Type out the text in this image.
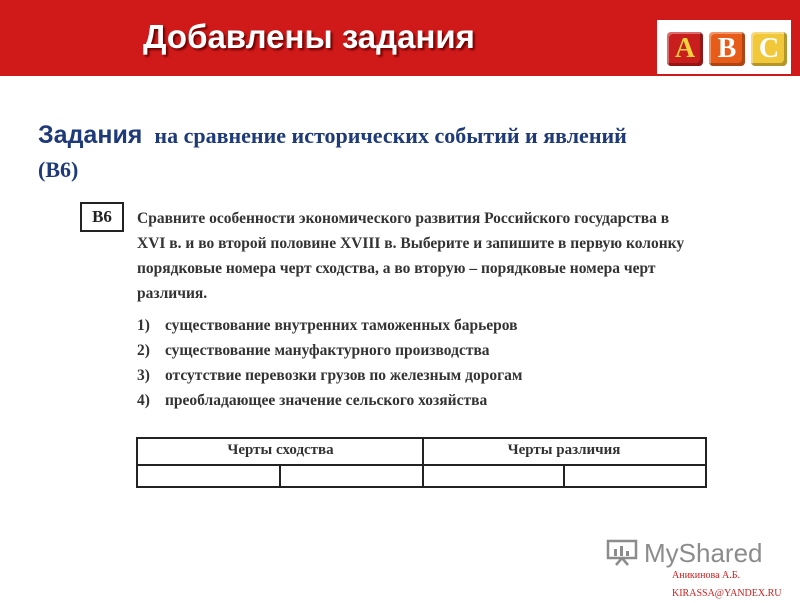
Добавлены задания	A B C
Задания на сравнение исторических событий и явлений
(В6)
В6	Сравните особенности экономического развития Российского государства в
XVI в. и во второй половине XVIII в. Выберите и запишите в первую колонку
порядковые номера черт сходства, а во вторую – порядковые номера черт
различия.
1) существование внутренних таможенных барьеров
2) существование мануфактурного производства
3) отсутствие перевозки грузов по железным дорогам
4) преобладающее значение сельского хозяйства
Черты сходства	Черты различия
MyShared
Аникинова А.Б.
KIRASSA@YANDEX.RU
